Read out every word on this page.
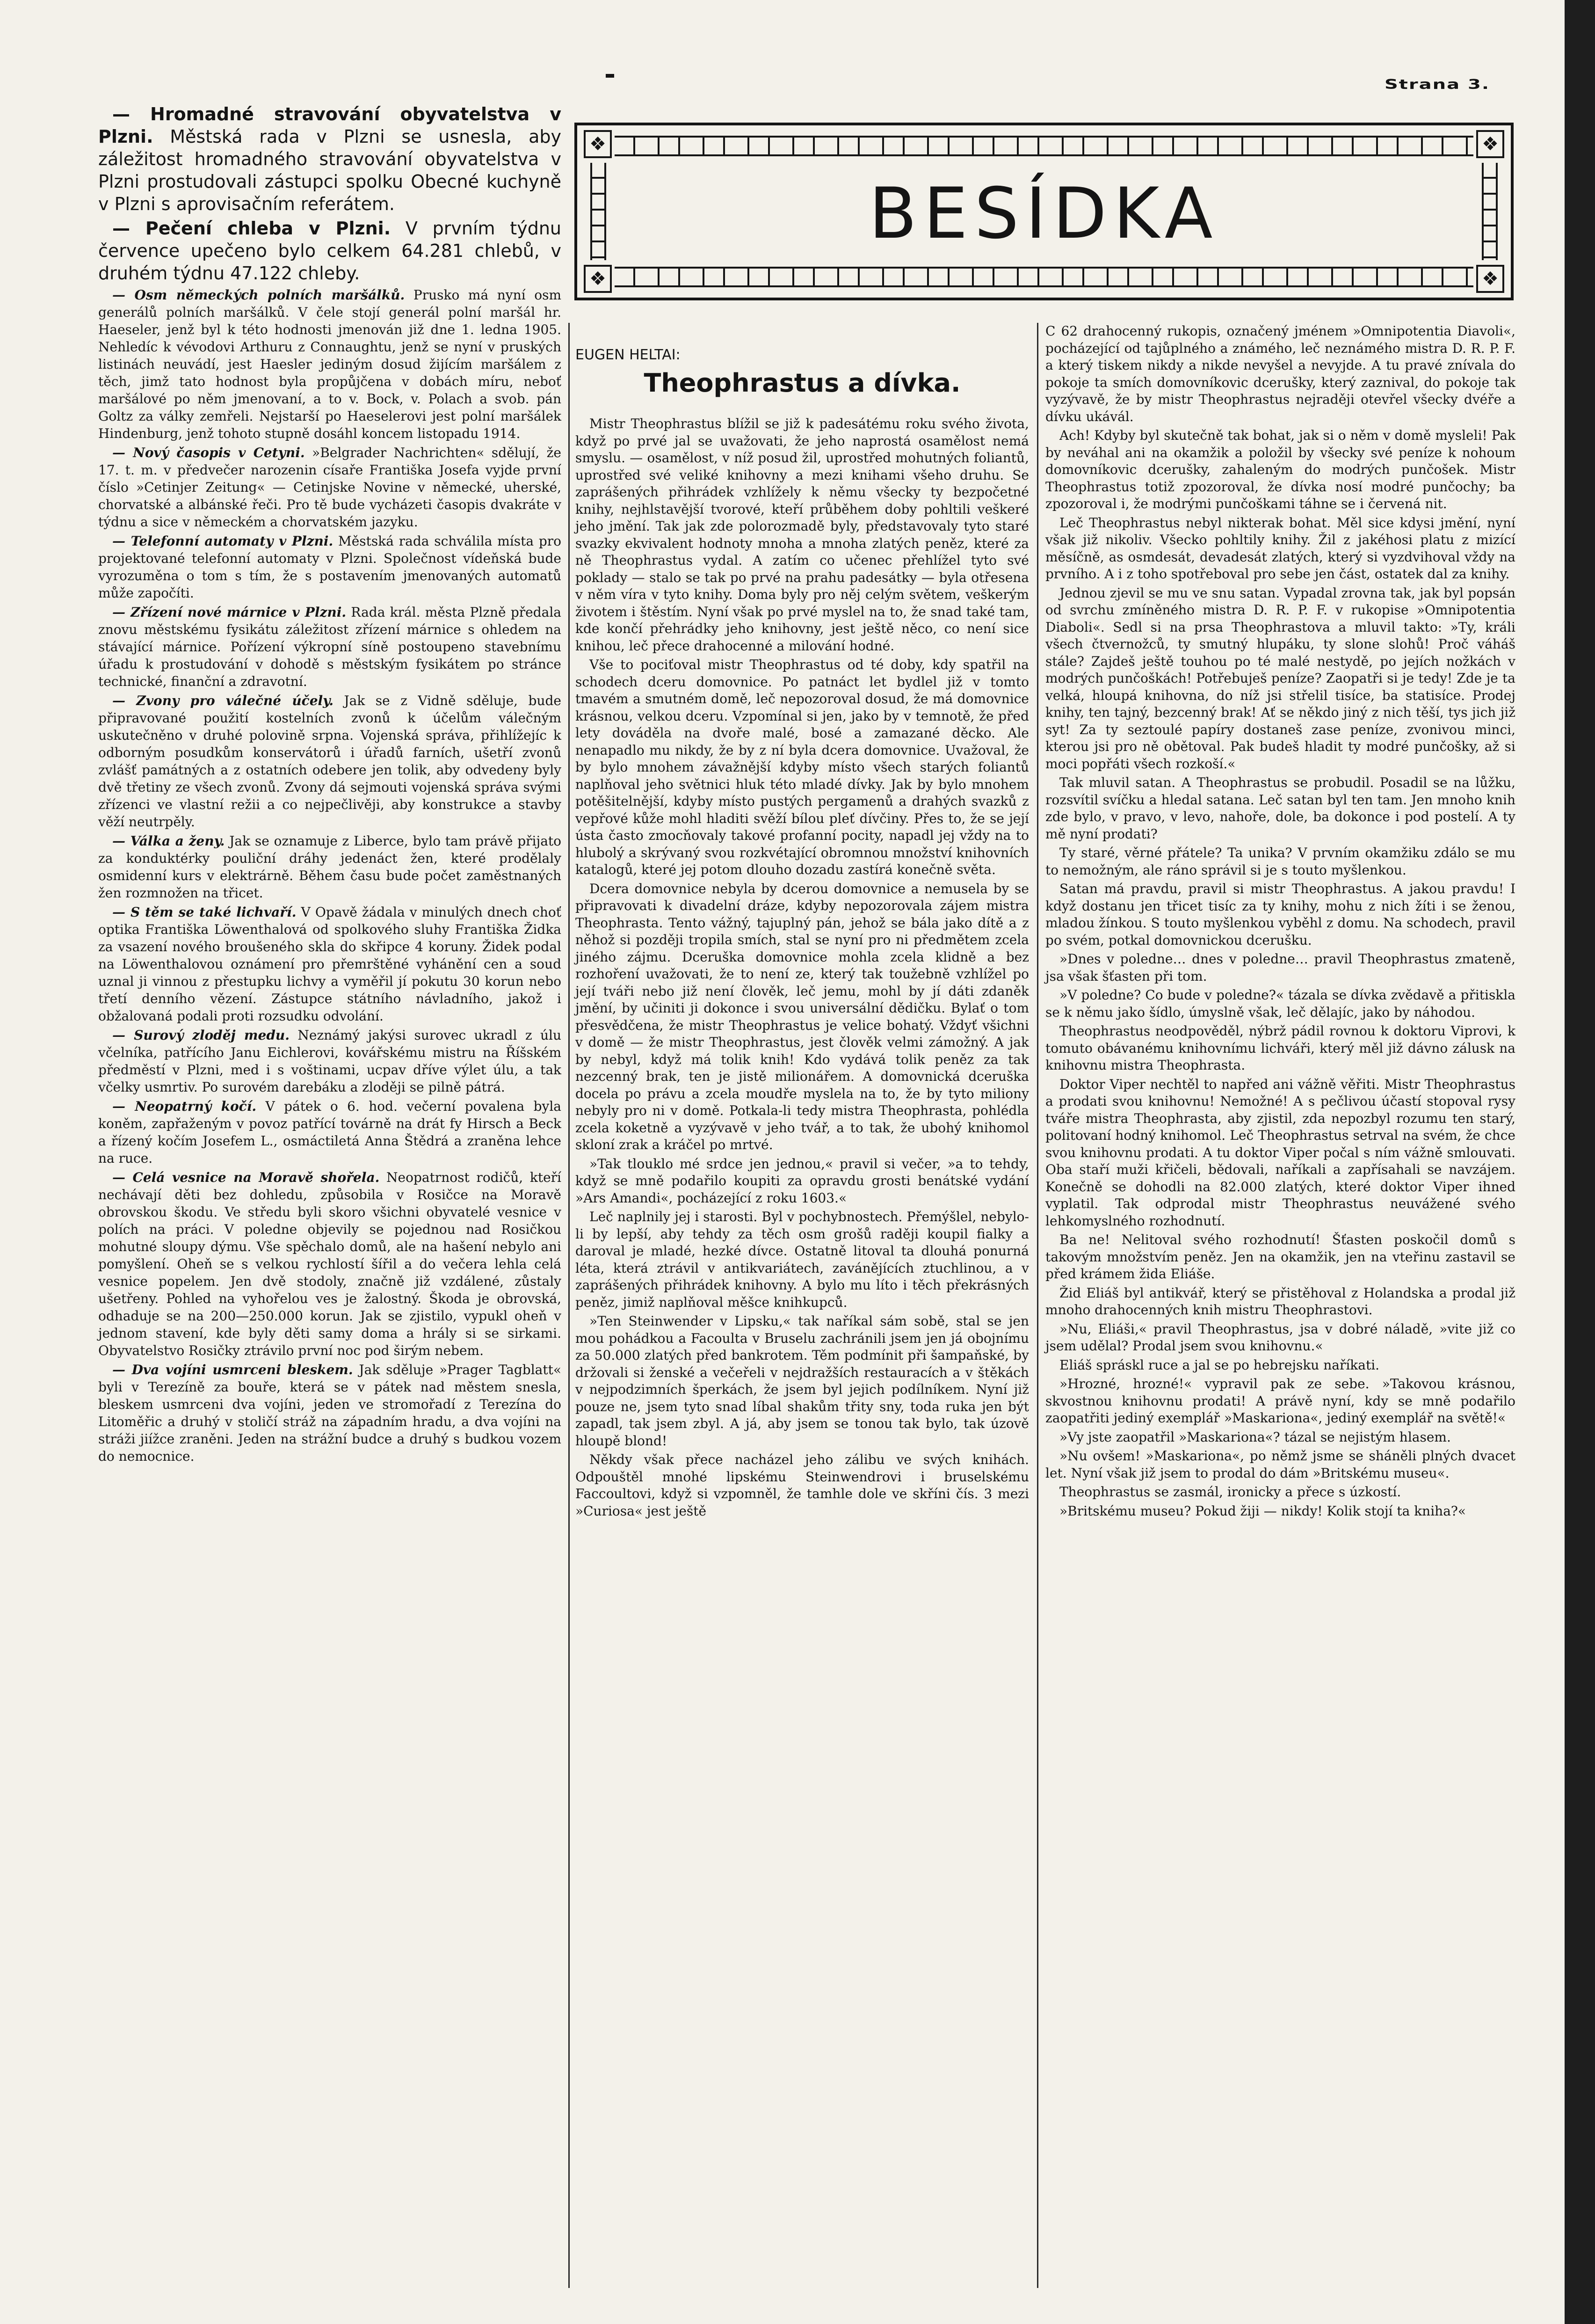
Strana 3.

— Hromadné stravování obyvatelstva v Plzni. Městská rada v Plzni se usnesla, aby záležitost hromadného stravování obyvatelstva v Plzni prostudovali zástupci spolku Obecné kuchyně v Plzni s aprovisačním referátem.

— Pečení chleba v Plzni. V prvním týdnu července upečeno bylo celkem 64.281 chlebů, v druhém týdnu 47.122 chleby.

— Osm německých polních maršálků. Prusko má nyní osm generálů polních maršálků. V čele stojí generál polní maršál hr. Haeseler, jenž byl k této hodnosti jmenován již dne 1. ledna 1905. Nehledíc k vévodovi Arthuru z Connaughtu, jenž se nyní v pruských listinách neuvádí, jest Haesler jediným dosud žijícím maršálem z těch, jimž tato hodnost byla propůjčena v dobách míru, neboť maršálové po něm jmenovaní, a to v. Bock, v. Polach a svob. pán Goltz za války zemřeli. Nejstarší po Haeselerovi jest polní maršálek Hindenburg, jenž tohoto stupně dosáhl koncem listopadu 1914.

— Nový časopis v Cetyni. »Belgrader Nachrichten« sdělují, že 17. t. m. v předvečer narozenin císaře Františka Josefa vyjde první číslo »Cetinjer Zeitung« — Cetinjske Novine v německé, uherské, chorvatské a albánské řeči. Pro tě bude vycházeti časopis dvakráte v týdnu a sice v německém a chorvatském jazyku.

— Telefonní automaty v Plzni. Městská rada schválila místa pro projektované telefonní automaty v Plzni. Společnost vídeňská bude vyrozuměna o tom s tím, že s postavením jmenovaných automatů může započíti.

— Zřízení nové márnice v Plzni. Rada král. města Plzně předala znovu městskému fysikátu záležitost zřízení márnice s ohledem na stávající márnice. Pořízení výkropní síně postoupeno stavebnímu úřadu k prostudování v dohodě s městským fysikátem po stránce technické, finanční a zdravotní.

— Zvony pro válečné účely. Jak se z Vidně sděluje, bude připravované použití kostelních zvonů k účelům válečným uskutečněno v druhé polovině srpna. Vojenská správa, přihlížejíc k odborným posudkům konservátorů i úřadů farních, ušetří zvonů zvlášť památných a z ostatních odebere jen tolik, aby odvedeny byly dvě třetiny ze všech zvonů. Zvony dá sejmouti vojenská správa svými zřízenci ve vlastní režii a co nejpečlivěji, aby konstrukce a stavby věží neutrpěly.

— Válka a ženy. Jak se oznamuje z Liberce, bylo tam právě přijato za konduktérky pouliční dráhy jedenáct žen, které prodělaly osmidenní kurs v elektrárně. Během času bude počet zaměstnaných žen rozmnožen na třicet.

— S těm se také lichvaří. V Opavě žádala v minulých dnech choť optika Františka Löwenthalová od spolkového sluhy Františka Židka za vsazení nového broušeného skla do skřipce 4 koruny. Židek podal na Löwenthalovou oznámení pro přemrštěné vyhánění cen a soud uznal ji vinnou z přestupku lichvy a vyměřil jí pokutu 30 korun nebo třetí denního vězení. Zástupce státního návladního, jakož i obžalovaná podali proti rozsudku odvolání.

— Surový zloděj medu. Neznámý jakýsi surovec ukradl z úlu včelníka, patřícího Janu Eichlerovi, kovářskému mistru na Říšském předměstí v Plzni, med i s voštinami, ucpav dříve výlet úlu, a tak včelky usmrtiv. Po surovém darebáku a zloději se pilně pátrá.

— Neopatrný kočí. V pátek o 6. hod. večerní povalena byla koněm, zapřaženým v povoz patřící továrně na drát fy Hirsch a Beck a řízený kočím Josefem L., osmáctiletá Anna Štědrá a zraněna lehce na ruce.

— Celá vesnice na Moravě shořela. Neopatrnost rodičů, kteří nechávají děti bez dohledu, způsobila v Rosičce na Moravě obrovskou škodu. Ve středu byli skoro všichni obyvatelé vesnice v polích na práci. V poledne objevily se pojednou nad Rosičkou mohutné sloupy dýmu. Vše spěchalo domů, ale na hašení nebylo ani pomyšlení. Oheň se s velkou rychlostí šířil a do večera lehla celá vesnice popelem. Jen dvě stodoly, značně již vzdálené, zůstaly ušetřeny. Pohled na vyhořelou ves je žalostný. Škoda je obrovská, odhaduje se na 200—250.000 korun. Jak se zjistilo, vypukl oheň v jednom stavení, kde byly děti samy doma a hrály si se sirkami. Obyvatelstvo Rosičky ztrávilo první noc pod širým nebem.

— Dva vojíni usmrceni bleskem. Jak sděluje »Prager Tagblatt« byli v Terezíně za bouře, která se v pátek nad městem snesla, bleskem usmrceni dva vojíni, jeden ve stromořadí z Terezína do Litoměřic a druhý v stoličí stráž na západním hradu, a dva vojíni na stráži jiížce zraněni. Jeden na strážní budce a druhý s budkou vozem do nemocnice.

❖	❖
❖	❖
BESÍDKA
EUGEN HELTAI:
Theophrastus a dívka.

Mistr Theophrastus blížil se již k padesátému roku svého života, když po prvé jal se uvažovati, že jeho naprostá osamělost nemá smyslu. — osamělost, v níž posud žil, uprostřed mohutných foliantů, uprostřed své veliké knihovny a mezi knihami všeho druhu. Se zaprášených přihrádek vzhlížely k němu všecky ty bezpočetné knihy, nejhlstavější tvorové, kteří průběhem doby pohltili veškeré jeho jmění. Tak jak zde polorozmadě byly, představovaly tyto staré svazky ekvivalent hodnoty mnoha a mnoha zlatých peněz, které za ně Theophrastus vydal. A zatím co učenec přehlížel tyto své poklady — stalo se tak po prvé na prahu padesátky — byla otřesena v něm víra v tyto knihy. Doma byly pro něj celým světem, veškerým životem i štěstím. Nyní však po prvé myslel na to, že snad také tam, kde končí přehrádky jeho knihovny, jest ještě něco, co není sice knihou, leč přece drahocenné a milování hodné.

Vše to pociťoval mistr Theophrastus od té doby, kdy spatřil na schodech dceru domovnice. Po patnáct let bydlel již v tomto tmavém a smutném domě, leč nepozoroval dosud, že má domovnice krásnou, velkou dceru. Vzpomínal si jen, jako by v temnotě, že před lety dováděla na dvoře malé, bosé a zamazané děcko. Ale nenapadlo mu nikdy, že by z ní byla dcera domovnice. Uvažoval, že by bylo mnohem závažnější kdyby místo všech starých foliantů naplňoval jeho světnici hluk této mladé dívky. Jak by bylo mnohem potěšitelnější, kdyby místo pustých pergamenů a drahých svazků z vepřové kůže mohl hladiti svěží bílou pleť dívčiny. Přes to, že se její ústa často zmocňovaly takové profanní pocity, napadl jej vždy na to hlubolý a skrývaný svou rozkvétající obromnou množství knihovních katalogů, které jej potom dlouho dozadu zastírá konečně světa.

Dcera domovnice nebyla by dcerou domovnice a nemusela by se připravovati k divadelní dráze, kdyby nepozorovala zájem mistra Theophrasta. Tento vážný, tajuplný pán, jehož se bála jako dítě a z něhož si později tropila smích, stal se nyní pro ni předmětem zcela jiného zájmu. Dceruška domovnice mohla zcela klidně a bez rozhoření uvažovati, že to není ze, který tak toužebně vzhlížel po její tváři nebo již není člověk, leč jemu, mohl by jí dáti zdaněk jmění, by učiniti ji dokonce i svou universální dědičku. Bylať o tom přesvědčena, že mistr Theophrastus je velice bohatý. Vždyť všichni v domě — že mistr Theophrastus, jest člověk velmi zámožný. A jak by nebyl, když má tolik knih! Kdo vydává tolik peněz za tak nezcenný brak, ten je jistě milionářem. A domovnická dceruška docela po právu a zcela moudře myslela na to, že by tyto miliony nebyly pro ni v domě. Potkala-li tedy mistra Theophrasta, pohlédla zcela koketně a vyzývavě v jeho tvář, a to tak, že ubohý knihomol skloní zrak a kráčel po mrtvé.

»Tak tlouklo mé srdce jen jednou,« pravil si večer, »a to tehdy, když se mně podařilo koupiti za opravdu grosti benátské vydání »Ars Amandi«, pocházející z roku 1603.«

Leč naplnily jej i starosti. Byl v pochybnostech. Přemýšlel, nebylo-li by lepší, aby tehdy za těch osm grošů raději koupil fialky a daroval je mladé, hezké dívce. Ostatně litoval ta dlouhá ponurná léta, která ztrávil v antikvariátech, zavánějících ztuchlinou, a v zaprášených přihrádek knihovny. A bylo mu líto i těch překrásných peněz, jimiž naplňoval měšce knihkupců.

»Ten Steinwender v Lipsku,« tak naříkal sám sobě, stal se jen mou pohádkou a Facoulta v Bruselu zachránili jsem jen já obojnímu za 50.000 zlatých před bankrotem. Těm podmínit při šampaňské, by držovali si ženské a večeřeli v nejdražších restauracích a v štěkách v nejpodzimních šperkách, že jsem byl jejich podílníkem. Nyní již pouze ne, jsem tyto snad líbal shakům třity sny, toda ruka jen být zapadl, tak jsem zbyl. A já, aby jsem se tonou tak bylo, tak úzově hloupě blond!

Někdy však přece nacházel jeho zálibu ve svých knihách. Odpouštěl mnohé lipskému Steinwendrovi i bruselskému Faccoultovi, když si vzpomněl, že tamhle dole ve skříni čís. 3 mezi »Curiosa« jest ještě

C 62 drahocenný rukopis, označený jménem »Omnipotentia Diavoli«, pocházející od tajůplného a známého, leč neznámého mistra D. R. P. F. a který tiskem nikdy a nikde nevyšel a nevyjde. A tu pravé znívala do pokoje ta smích domovníkovic dcerušky, který zaznival, do pokoje tak vyzývavě, že by mistr Theophrastus nejraději otevřel všecky dvéře a dívku ukávál.

Ach! Kdyby byl skutečně tak bohat, jak si o něm v domě mysleli! Pak by neváhal ani na okamžik a položil by všecky své peníze k nohoum domovníkovic dcerušky, zahaleným do modrých punčošek. Mistr Theophrastus totiž zpozoroval, že dívka nosí modré punčochy; ba zpozoroval i, že modrými punčoškami táhne se i červená nit.

Leč Theophrastus nebyl nikterak bohat. Měl sice kdysi jmění, nyní však již nikoliv. Všecko pohltily knihy. Žil z jakéhosi platu z mizící měsíčně, as osmdesát, devadesát zlatých, který si vyzdvihoval vždy na prvního. A i z toho spotřeboval pro sebe jen část, ostatek dal za knihy.

Jednou zjevil se mu ve snu satan. Vypadal zrovna tak, jak byl popsán od svrchu zmíněného mistra D. R. P. F. v rukopise »Omnipotentia Diaboli«. Sedl si na prsa Theophrastova a mluvil takto: »Ty, králi všech čtvernožců, ty smutný hlupáku, ty slone slohů! Proč váháš stále? Zajdeš ještě touhou po té malé nestydě, po jejích nožkách v modrých punčoškách! Potřebuješ peníze? Zaopatři si je tedy! Zde je ta velká, hloupá knihovna, do níž jsi střelil tisíce, ba statisíce. Prodej knihy, ten tajný, bezcenný brak! Ať se někdo jiný z nich těší, tys jich již syt! Za ty seztoulé papíry dostaneš zase peníze, zvonivou minci, kterou jsi pro ně obětoval. Pak budeš hladit ty modré punčošky, až si moci popřáti všech rozkoší.«

Tak mluvil satan. A Theophrastus se probudil. Posadil se na lůžku, rozsvítil svíčku a hledal satana. Leč satan byl ten tam. Jen mnoho knih zde bylo, v pravo, v levo, nahoře, dole, ba dokonce i pod postelí. A ty mě nyní prodati?

Ty staré, věrné přátele? Ta unika? V prvním okamžiku zdálo se mu to nemožným, ale ráno správil si je s touto myšlenkou.

Satan má pravdu, pravil si mistr Theophrastus. A jakou pravdu! I když dostanu jen třicet tisíc za ty knihy, mohu z nich žíti i se ženou, mladou žínkou. S touto myšlenkou vyběhl z domu. Na schodech, pravil po svém, potkal domovnickou dcerušku.

»Dnes v poledne… dnes v poledne… pravil Theophrastus zmateně, jsa však šťasten při tom.

»V poledne? Co bude v poledne?« tázala se dívka zvědavě a přitiskla se k němu jako šídlo, úmyslně však, leč dělajíc, jako by náhodou.

Theophrastus neodpověděl, nýbrž pádil rovnou k doktoru Viprovi, k tomuto obávanému knihovnímu lichváři, který měl již dávno zálusk na knihovnu mistra Theophrasta.

Doktor Viper nechtěl to napřed ani vážně věřiti. Mistr Theophrastus a prodati svou knihovnu! Nemožné! A s pečlivou účastí stopoval rysy tváře mistra Theophrasta, aby zjistil, zda nepozbyl rozumu ten starý, politovaní hodný knihomol. Leč Theophrastus setrval na svém, že chce svou knihovnu prodati. A tu doktor Viper počal s ním vážně smlouvati. Oba staří muži křičeli, bědovali, naříkali a zapřísahali se navzájem. Konečně se dohodli na 82.000 zlatých, které doktor Viper ihned vyplatil. Tak odprodal mistr Theophrastus neuvážené svého lehkomyslného rozhodnutí.

Ba ne! Nelitoval svého rozhodnutí! Šťasten poskočil domů s takovým množstvím peněz. Jen na okamžik, jen na vteřinu zastavil se před krámem žida Eliáše.

Žid Eliáš byl antikvář, který se přistěhoval z Holandska a prodal již mnoho drahocenných knih mistru Theophrastovi.

»Nu, Eliáši,« pravil Theophrastus, jsa v dobré náladě, »vite již co jsem udělal? Prodal jsem svou knihovnu.«

Eliáš spráskl ruce a jal se po hebrejsku naříkati.

»Hrozné, hrozné!« vypravil pak ze sebe. »Takovou krásnou, skvostnou knihovnu prodati! A právě nyní, kdy se mně podařilo zaopatřiti jediný exemplář »Maskariona«, jediný exemplář na světě!«

»Vy jste zaopatřil »Maskariona«? tázal se nejistým hlasem.

»Nu ovšem! »Maskariona«, po němž jsme se sháněli plných dvacet let. Nyní však již jsem to prodal do dám »Britskému museu«.

Theophrastus se zasmál, ironicky a přece s úzkostí.

»Britskému museu? Pokud žiji — nikdy! Kolik stojí ta kniha?«
